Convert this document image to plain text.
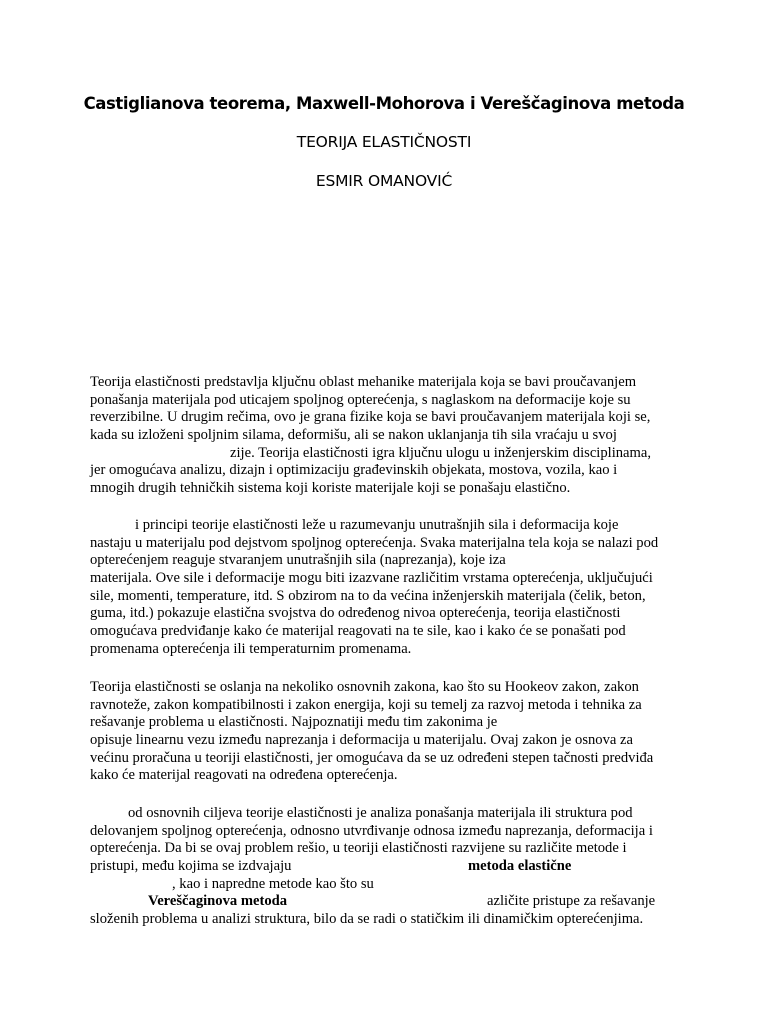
Castiglianova teorema, Maxwell-Mohorova i Vereščaginova metoda
TEORIJA ELASTIČNOSTI
ESMIR OMANOVIĆ
Teorija elastičnosti predstavlja ključnu oblast mehanike materijala koja se bavi proučavanjem
ponašanja materijala pod uticajem spoljnog opterećenja, s naglaskom na deformacije koje su
reverzibilne. U drugim rečima, ovo je grana fizike koja se bavi proučavanjem materijala koji se,
kada su izloženi spoljnim silama, deformišu, ali se nakon uklanjanja tih sila vraćaju u svoj
zije. Teorija elastičnosti igra ključnu ulogu u inženjerskim disciplinama,
jer omogućava analizu, dizajn i optimizaciju građevinskih objekata, mostova, vozila, kao i
mnogih drugih tehničkih sistema koji koriste materijale koji se ponašaju elastično.
i principi teorije elastičnosti leže u razumevanju unutrašnjih sila i deformacija koje
nastaju u materijalu pod dejstvom spoljnog opterećenja. Svaka materijalna tela koja se nalazi pod
opterećenjem reaguje stvaranjem unutrašnjih sila (naprezanja), koje iza
materijala. Ove sile i deformacije mogu biti izazvane različitim vrstama opterećenja, uključujući
sile, momenti, temperature, itd. S obzirom na to da većina inženjerskih materijala (čelik, beton,
guma, itd.) pokazuje elastična svojstva do određenog nivoa opterećenja, teorija elastičnosti
omogućava predviđanje kako će materijal reagovati na te sile, kao i kako će se ponašati pod
promenama opterećenja ili temperaturnim promenama.
Teorija elastičnosti se oslanja na nekoliko osnovnih zakona, kao što su Hookeov zakon, zakon
ravnoteže, zakon kompatibilnosti i zakon energija, koji su temelj za razvoj metoda i tehnika za
rešavanje problema u elastičnosti. Najpoznatiji među tim zakonima je
opisuje linearnu vezu između naprezanja i deformacija u materijalu. Ovaj zakon je osnova za
većinu proračuna u teoriji elastičnosti, jer omogućava da se uz određeni stepen tačnosti predviđa
kako će materijal reagovati na određena opterećenja.
od osnovnih ciljeva teorije elastičnosti je analiza ponašanja materijala ili struktura pod
delovanjem spoljnog opterećenja, odnosno utvrđivanje odnosa između naprezanja, deformacija i
opterećenja. Da bi se ovaj problem rešio, u teoriji elastičnosti razvijene su različite metode i
pristupi, među kojima se izdvajaju	metoda elastične
, kao i napredne metode kao što su
Vereščaginova metoda	azličite pristupe za rešavanje
složenih problema u analizi struktura, bilo da se radi o statičkim ili dinamičkim opterećenjima.
